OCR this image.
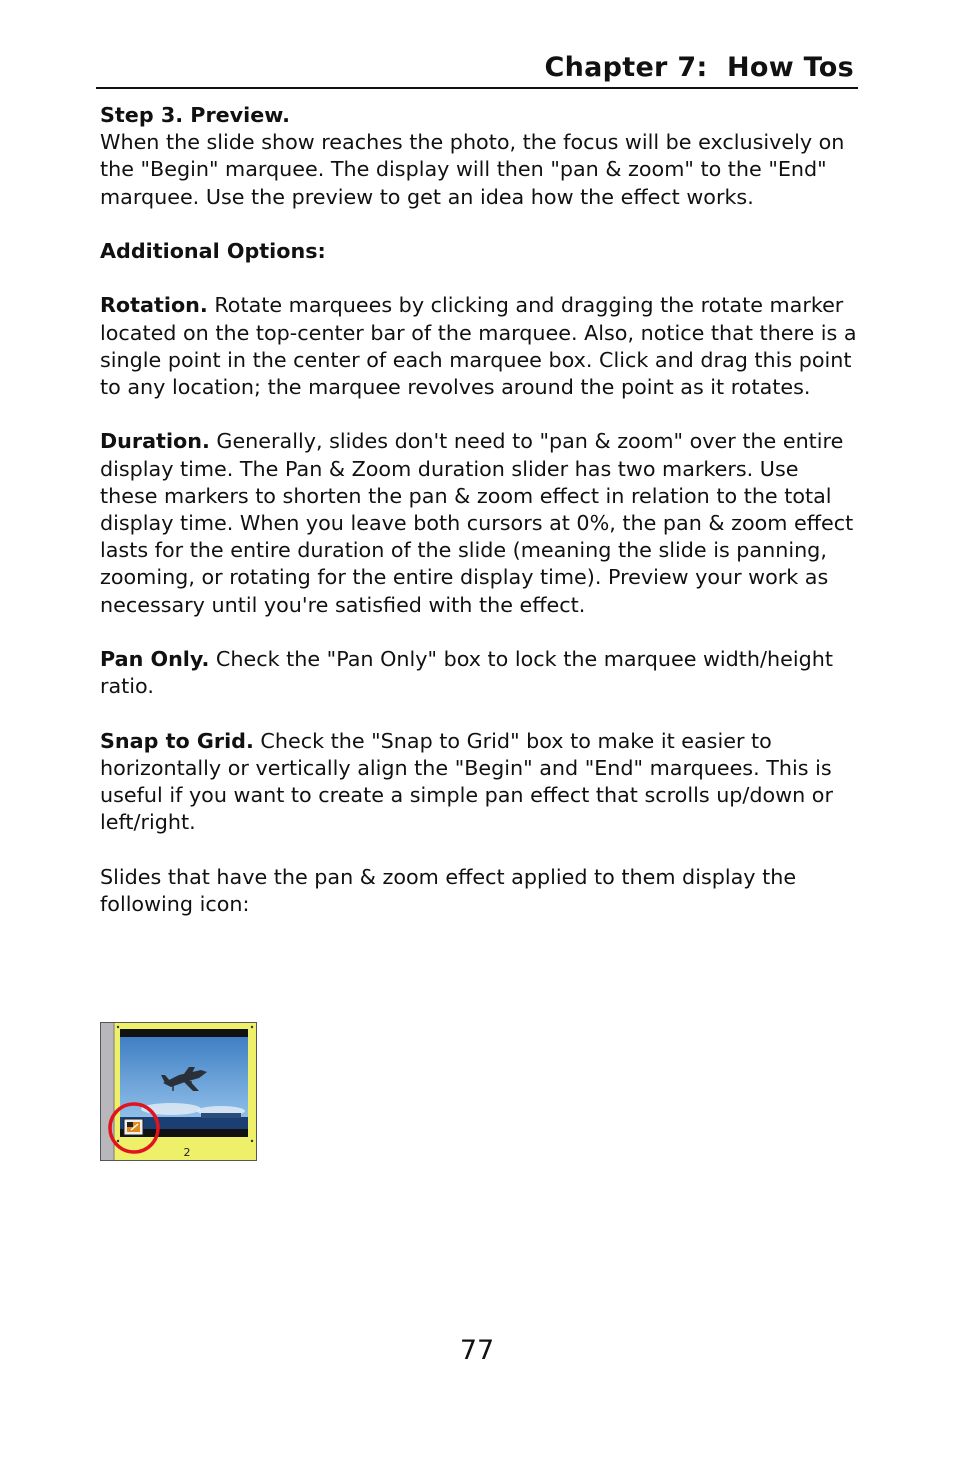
Chapter 7:  How Tos

Step 3. Preview.
When the slide show reaches the photo, the focus will be exclusively on the "Begin" marquee. The display will then "pan & zoom" to the "End" marquee. Use the preview to get an idea how the effect works.

Additional Options:

Rotation. Rotate marquees by clicking and dragging the rotate marker located on the top-center bar of the marquee. Also, notice that there is a single point in the center of each marquee box. Click and drag this point to any location; the marquee revolves around the point as it rotates.

Duration. Generally, slides don't need to "pan & zoom" over the entire display time. The Pan & Zoom duration slider has two markers. Use these markers to shorten the pan & zoom effect in relation to the total display time. When you leave both cursors at 0%, the pan & zoom effect lasts for the entire duration of the slide (meaning the slide is panning, zooming, or rotating for the entire display time). Preview your work as necessary until you're satisfied with the effect.

Pan Only. Check the "Pan Only" box to lock the marquee width/height ratio.

Snap to Grid. Check the "Snap to Grid" box to make it easier to horizontally or vertically align the "Begin" and "End" marquees. This is useful if you want to create a simple pan effect that scrolls up/down or left/right.

Slides that have the pan & zoom effect applied to them display the following icon:

2
77
